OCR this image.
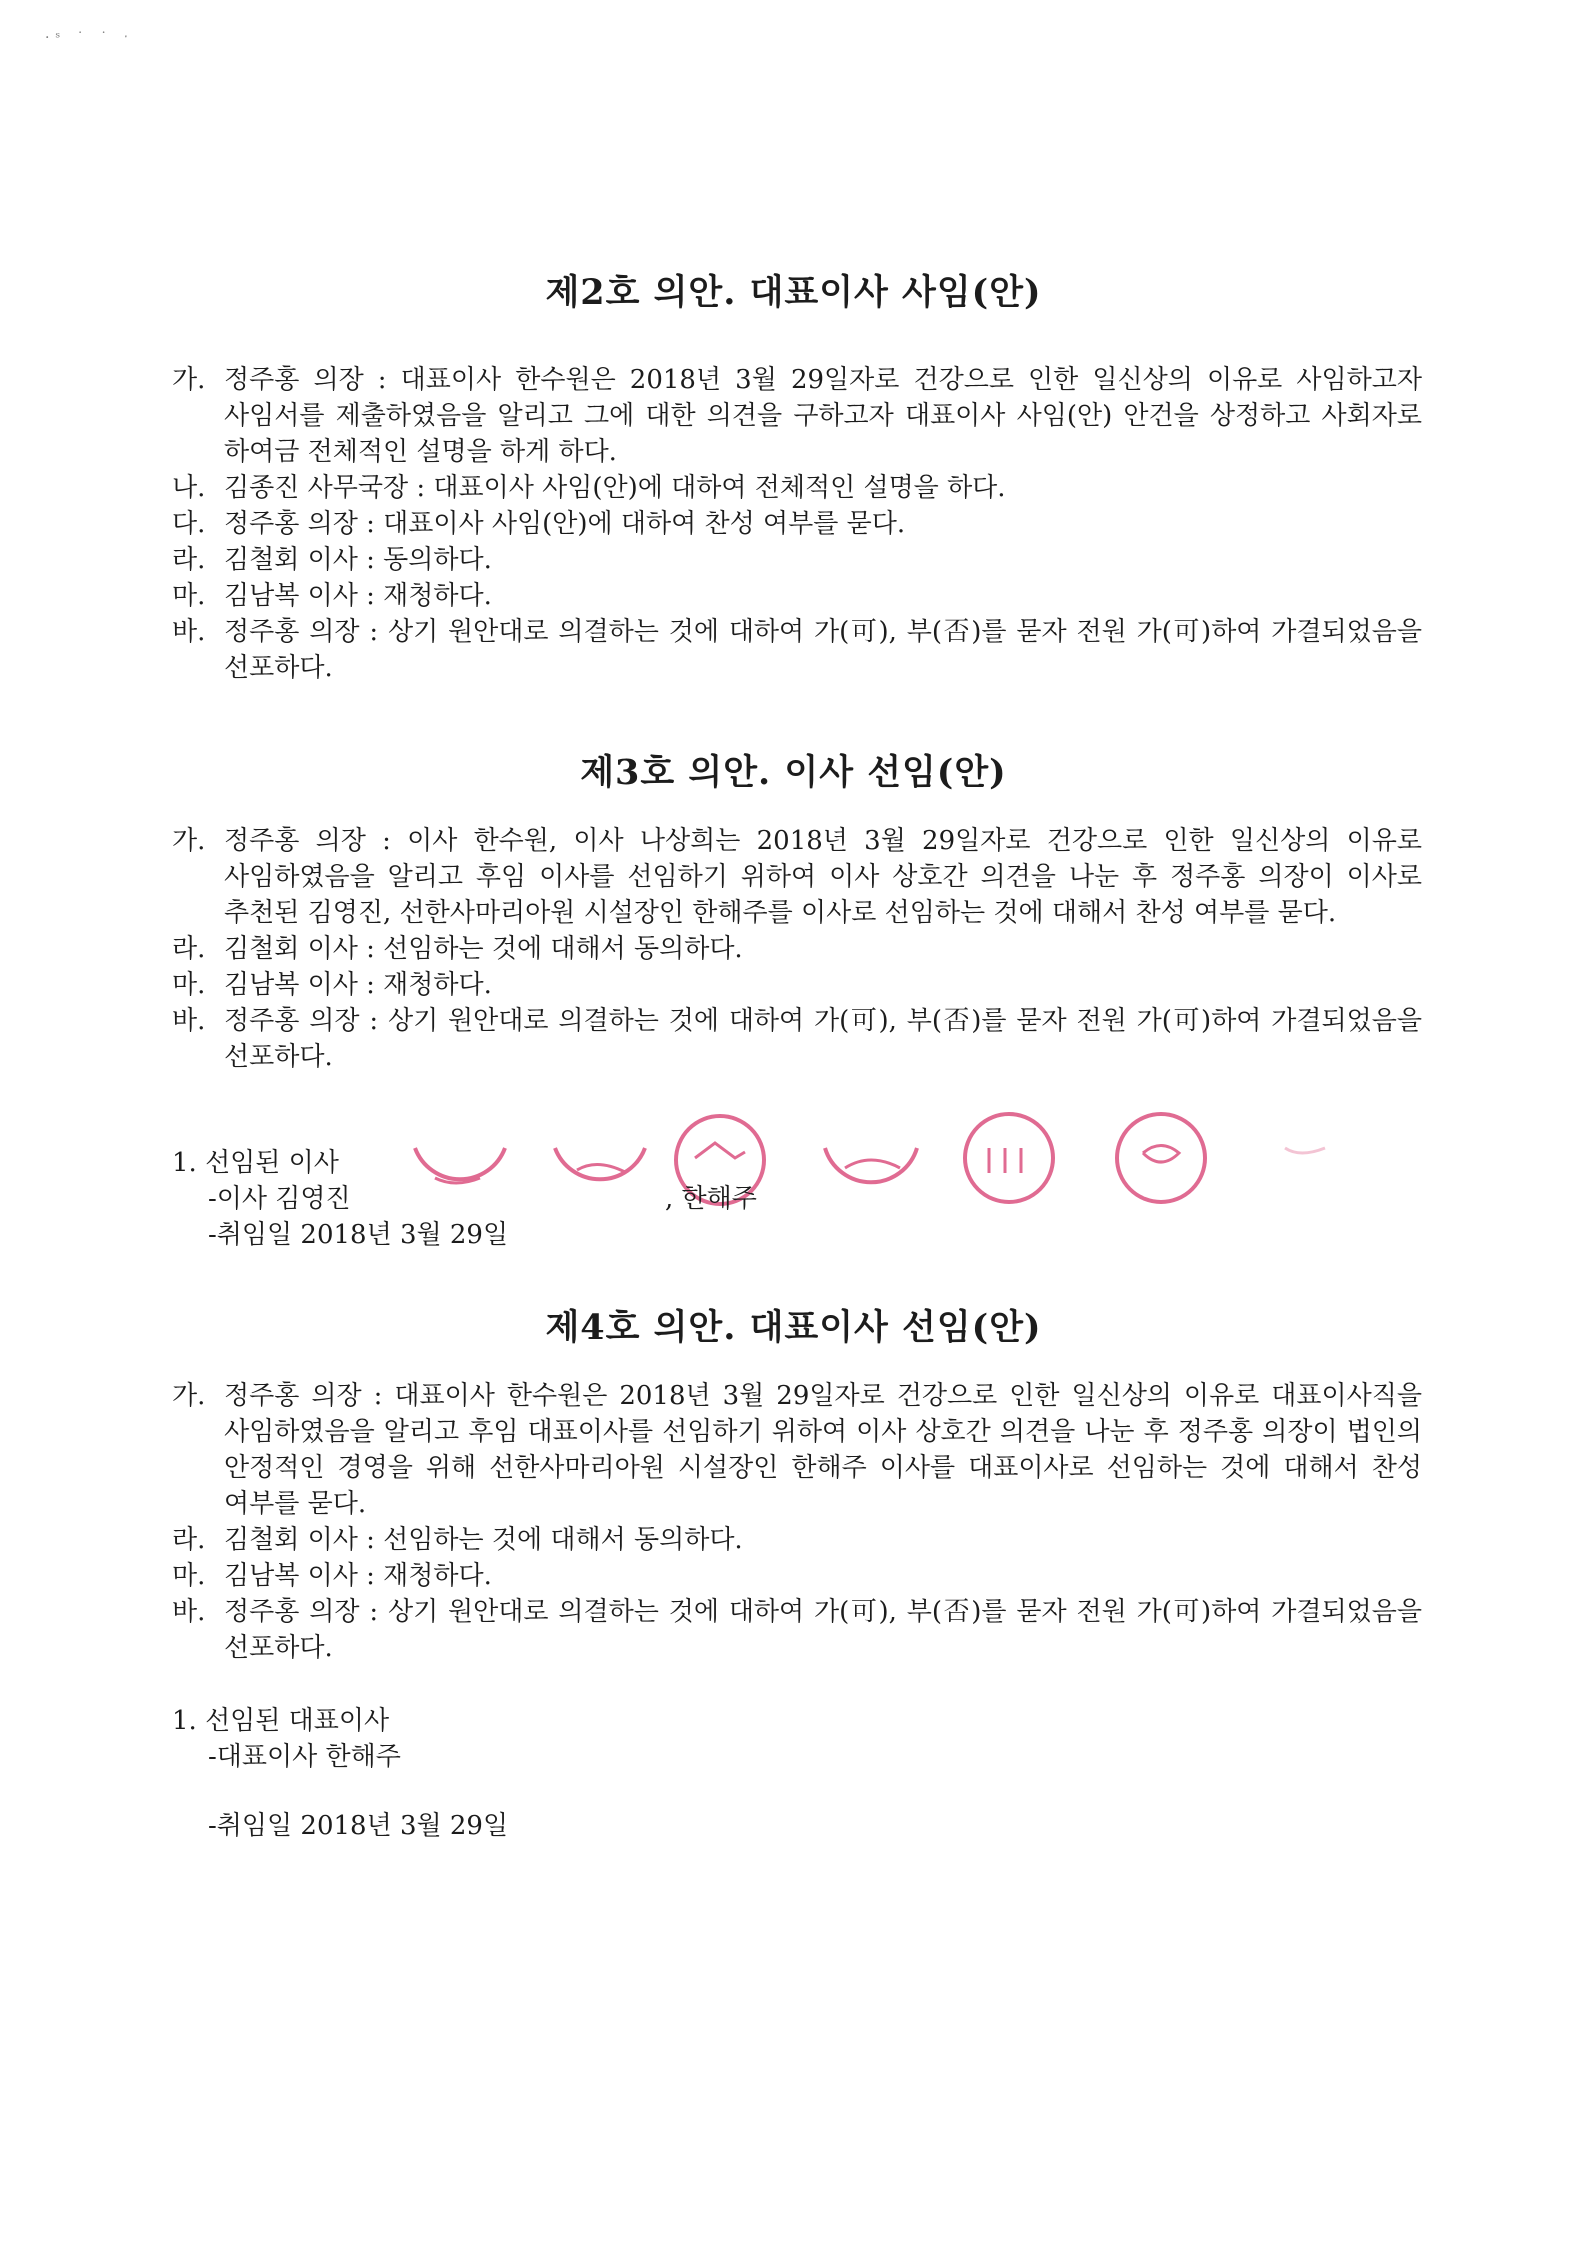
·ˢ ˙ ˙ ˑ
제2호 의안. 대표이사 사임(안)
가. 정주홍 의장 : 대표이사 한수원은 2018년 3월 29일자로 건강으로 인한 일신상의 이유로 사임하고자 사임서를 제출하였음을 알리고 그에 대한 의견을 구하고자 대표이사 사임(안) 안건을 상정하고 사회자로 하여금 전체적인 설명을 하게 하다.
나. 김종진 사무국장 : 대표이사 사임(안)에 대하여 전체적인 설명을 하다.
다. 정주홍 의장 : 대표이사 사임(안)에 대하여 찬성 여부를 묻다.
라. 김철회 이사 : 동의하다.
마. 김남복 이사 : 재청하다.
바. 정주홍 의장 : 상기 원안대로 의결하는 것에 대하여 가(可), 부(否)를 묻자 전원 가(可)하여 가결되었음을 선포하다.
제3호 의안. 이사 선임(안)
가. 정주홍 의장 : 이사 한수원, 이사 나상희는 2018년 3월 29일자로 건강으로 인한 일신상의 이유로 사임하였음을 알리고 후임 이사를 선임하기 위하여 이사 상호간 의견을 나눈 후 정주홍 의장이 이사로 추천된 김영진, 선한사마리아원 시설장인 한해주를 이사로 선임하는 것에 대해서 찬성 여부를 묻다.
라. 김철회 이사 : 선임하는 것에 대해서 동의하다.
마. 김남복 이사 : 재청하다.
바. 정주홍 의장 : 상기 원안대로 의결하는 것에 대하여 가(可), 부(否)를 묻자 전원 가(可)하여 가결되었음을 선포하다.
1. 선임된 이사
-이사 김영진	, 한해주
-취임일 2018년 3월 29일
제4호 의안. 대표이사 선임(안)
가. 정주홍 의장 : 대표이사 한수원은 2018년 3월 29일자로 건강으로 인한 일신상의 이유로 대표이사직을 사임하였음을 알리고 후임 대표이사를 선임하기 위하여 이사 상호간 의견을 나눈 후 정주홍 의장이 법인의 안정적인 경영을 위해 선한사마리아원 시설장인 한해주 이사를 대표이사로 선임하는 것에 대해서 찬성 여부를 묻다.
라. 김철회 이사 : 선임하는 것에 대해서 동의하다.
마. 김남복 이사 : 재청하다.
바. 정주홍 의장 : 상기 원안대로 의결하는 것에 대하여 가(可), 부(否)를 묻자 전원 가(可)하여 가결되었음을 선포하다.
1. 선임된 대표이사
-대표이사 한해주
-취임일 2018년 3월 29일
